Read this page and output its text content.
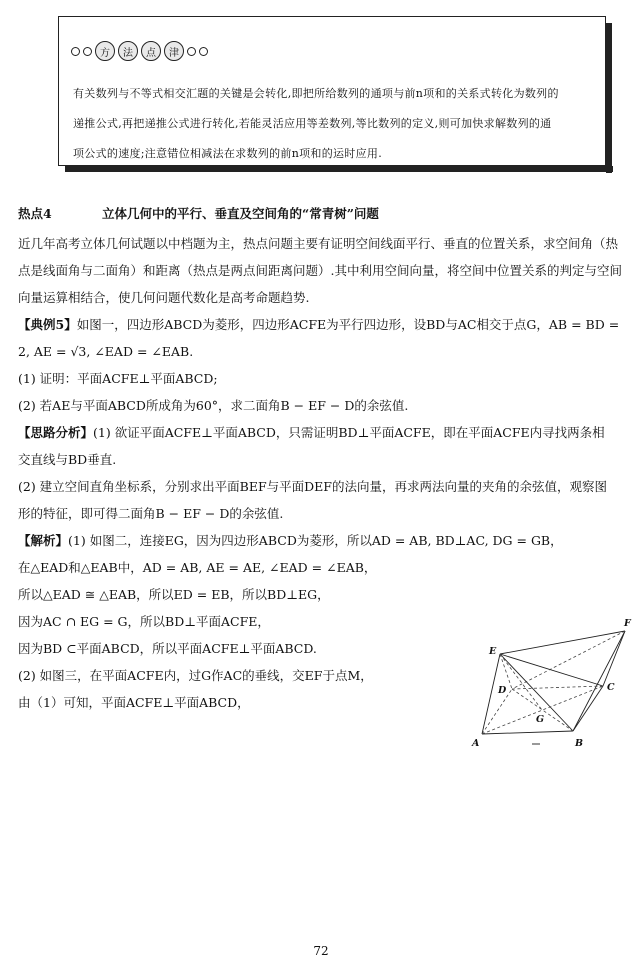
方	法	点	津
有关数列与不等式相交汇题的关键是会转化,即把所给数列的通项与前n项和的关系式转化为数列的
递推公式,再把递推公式进行转化,若能灵活应用等差数列,等比数列的定义,则可加快求解数列的通
项公式的速度;注意错位相减法在求数列的前n项和的运时应用.
热点4	立体几何中的平行、垂直及空间角的“常青树”问题
近几年高考立体几何试题以中档题为主，热点问题主要有证明空间线面平行、垂直的位置关系，求空间角（热
点是线面角与二面角）和距离（热点是两点间距离问题）.其中利用空间向量，将空间中位置关系的判定与空间
向量运算相结合，使几何问题代数化是高考命题趋势.
【典例5】如图一，四边形ABCD为菱形，四边形ACFE为平行四边形，设BD与AC相交于点G，AB = BD =
2, AE = √3, ∠EAD = ∠EAB.
(1) 证明：平面ACFE⊥平面ABCD;
(2) 若AE与平面ABCD所成角为60°，求二面角B − EF − D的余弦值.
【思路分析】(1) 欲证平面ACFE⊥平面ABCD，只需证明BD⊥平面ACFE，即在平面ACFE内寻找两条相
交直线与BD垂直.
(2) 建立空间直角坐标系，分别求出平面BEF与平面DEF的法向量，再求两法向量的夹角的余弦值，观察图
形的特征，即可得二面角B − EF − D的余弦值.
【解析】(1) 如图二，连接EG，因为四边形ABCD为菱形，所以AD = AB, BD⊥AC, DG = GB，
在△EAD和△EAB中，AD = AB, AE = AE, ∠EAD = ∠EAB，
所以△EAD ≅ △EAB，所以ED = EB，所以BD⊥EG，
因为AC ∩ EG = G，所以BD⊥平面ACFE，
因为BD ⊂平面ABCD，所以平面ACFE⊥平面ABCD.
(2) 如图三，在平面ACFE内，过G作AC的垂线，交EF于点M，
由（1）可知，平面ACFE⊥平面ABCD，
A	B
C
D
E
F
G
72
